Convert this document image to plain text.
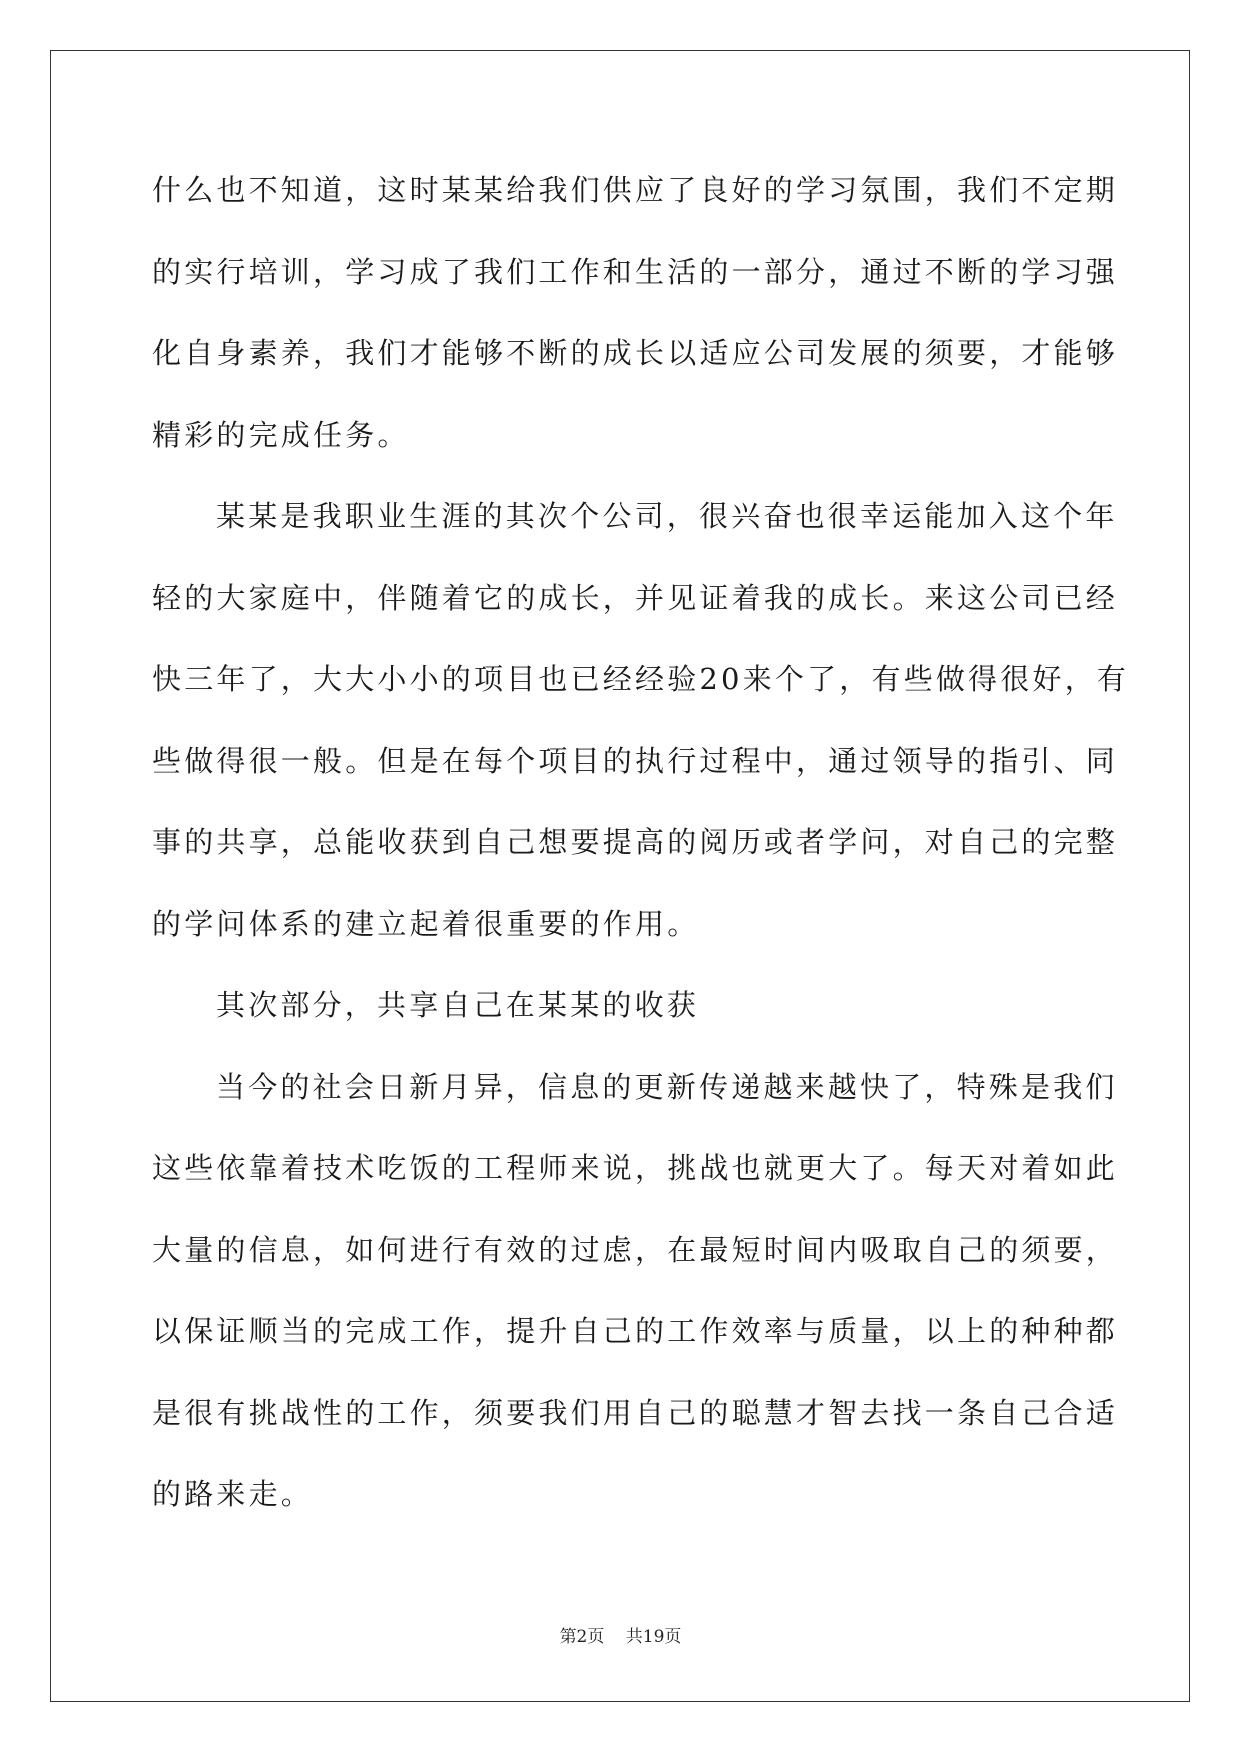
什么也不知道，这时某某给我们供应了良好的学习氛围，我们不定期
的实行培训，学习成了我们工作和生活的一部分，通过不断的学习强
化自身素养，我们才能够不断的成长以适应公司发展的须要，才能够
精彩的完成任务。
某某是我职业生涯的其次个公司，很兴奋也很幸运能加入这个年
轻的大家庭中，伴随着它的成长，并见证着我的成长。来这公司已经
快三年了，大大小小的项目也已经经验20来个了，有些做得很好，有
些做得很一般。但是在每个项目的执行过程中，通过领导的指引、同
事的共享，总能收获到自己想要提高的阅历或者学问，对自己的完整
的学问体系的建立起着很重要的作用。
其次部分，共享自己在某某的收获
当今的社会日新月异，信息的更新传递越来越快了，特殊是我们
这些依靠着技术吃饭的工程师来说，挑战也就更大了。每天对着如此
大量的信息，如何进行有效的过虑，在最短时间内吸取自己的须要，
以保证顺当的完成工作，提升自己的工作效率与质量，以上的种种都
是很有挑战性的工作，须要我们用自己的聪慧才智去找一条自己合适
的路来走。
第2页 共19页
